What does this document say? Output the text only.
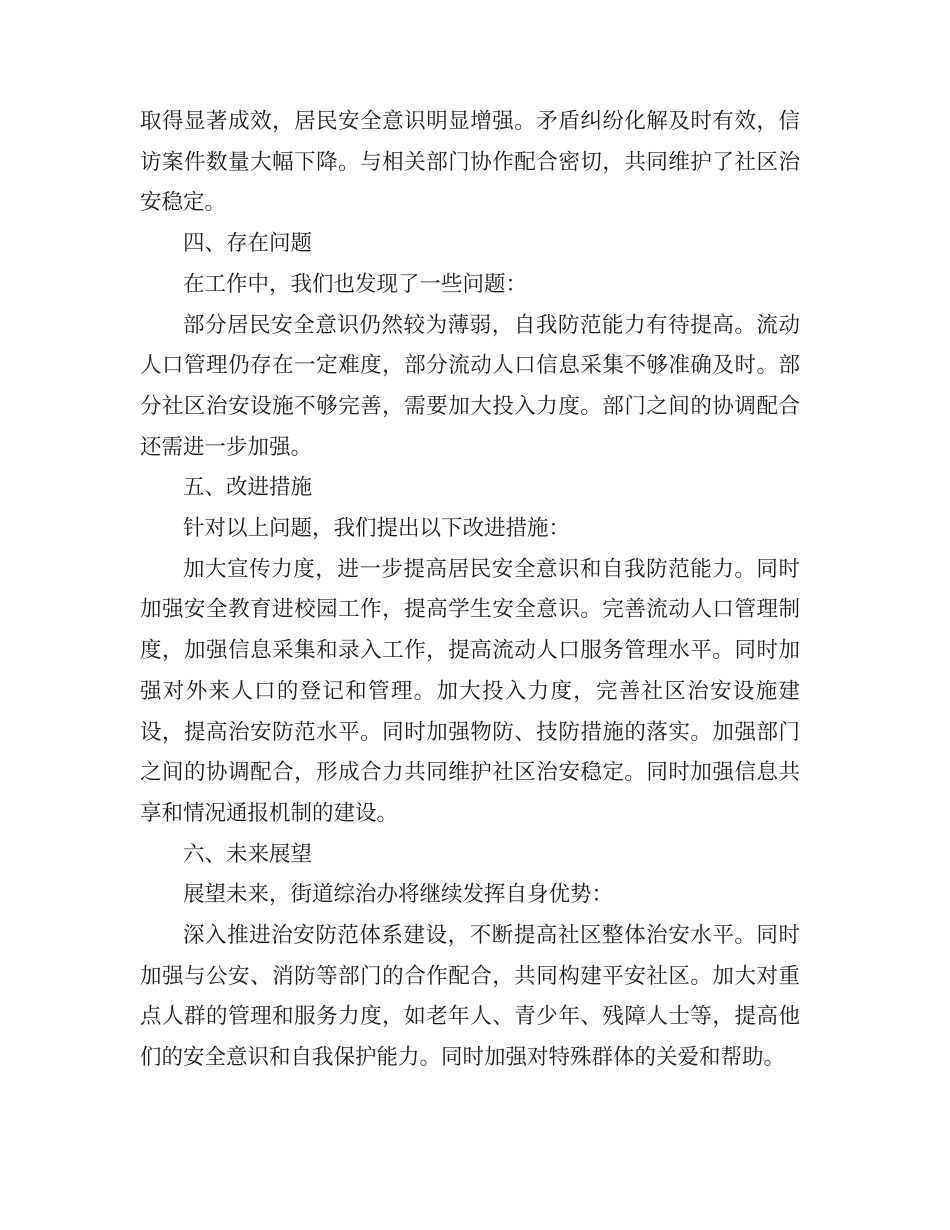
取得显著成效，居民安全意识明显增强。矛盾纠纷化解及时有效，信访案件数量大幅下降。与相关部门协作配合密切，共同维护了社区治安稳定。

四、存在问题

在工作中，我们也发现了一些问题：

部分居民安全意识仍然较为薄弱，自我防范能力有待提高。流动人口管理仍存在一定难度，部分流动人口信息采集不够准确及时。部分社区治安设施不够完善，需要加大投入力度。部门之间的协调配合还需进一步加强。

五、改进措施

针对以上问题，我们提出以下改进措施：

加大宣传力度，进一步提高居民安全意识和自我防范能力。同时加强安全教育进校园工作，提高学生安全意识。完善流动人口管理制度，加强信息采集和录入工作，提高流动人口服务管理水平。同时加强对外来人口的登记和管理。加大投入力度，完善社区治安设施建设，提高治安防范水平。同时加强物防、技防措施的落实。加强部门之间的协调配合，形成合力共同维护社区治安稳定。同时加强信息共享和情况通报机制的建设。

六、未来展望

展望未来，街道综治办将继续发挥自身优势：

深入推进治安防范体系建设，不断提高社区整体治安水平。同时加强与公安、消防等部门的合作配合，共同构建平安社区。加大对重点人群的管理和服务力度，如老年人、青少年、残障人士等，提高他们的安全意识和自我保护能力。同时加强对特殊群体的关爱和帮助。
